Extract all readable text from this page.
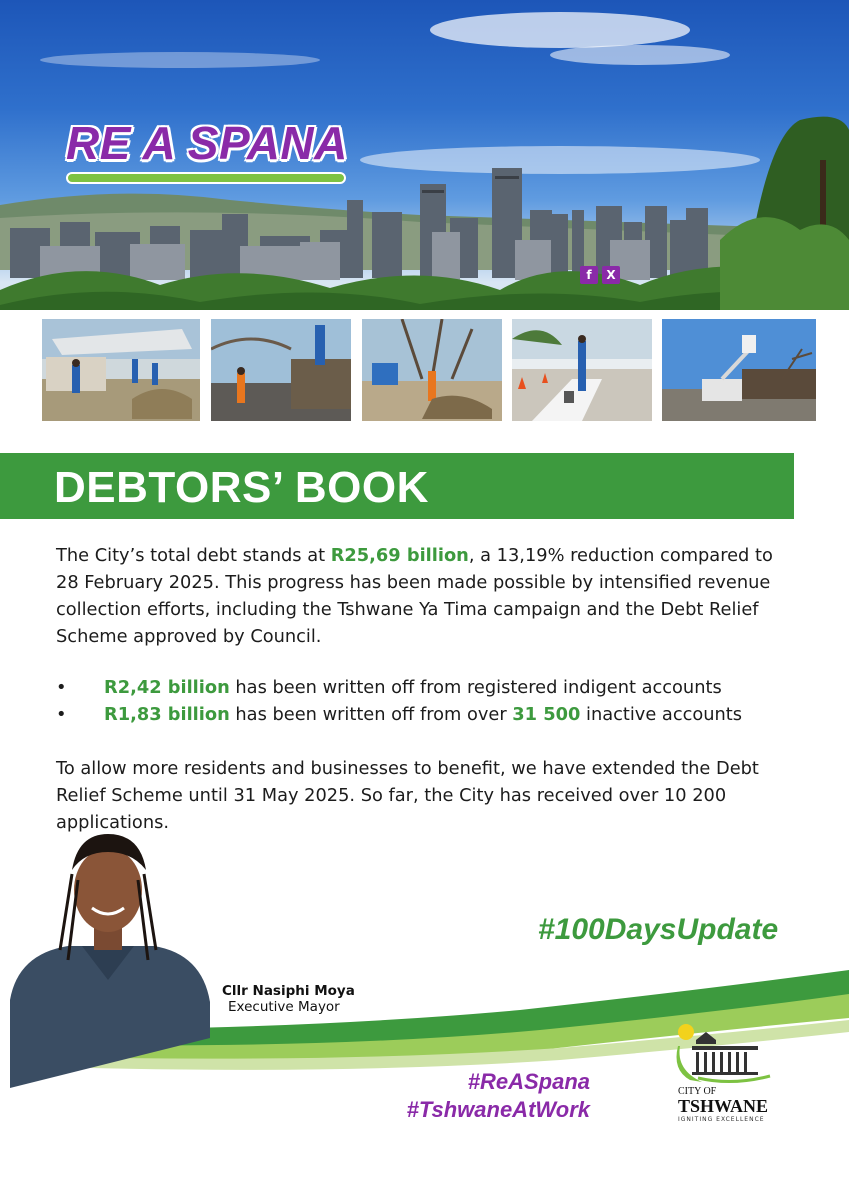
RE A SPANA
f	X
DEBTORS’ BOOK
The City’s total debt stands at R25,69 billion, a 13,19% reduction compared to 28 February 2025. This progress has been made possible by intensified revenue collection efforts, including the Tshwane Ya Tima campaign and the Debt Relief Scheme approved by Council.
• R2,42 billion has been written off from registered indigent accounts
• R1,83 billion has been written off from over 31 500 inactive accounts
To allow more residents and businesses to benefit, we have extended the Debt Relief Scheme until 31 May 2025. So far, the City has received over 10 200 applications.
Cllr Nasiphi Moya
Executive Mayor
#100DaysUpdate
#ReASpana
#TshwaneAtWork
CITY OF
TSHWANE
IGNITING EXCELLENCE
